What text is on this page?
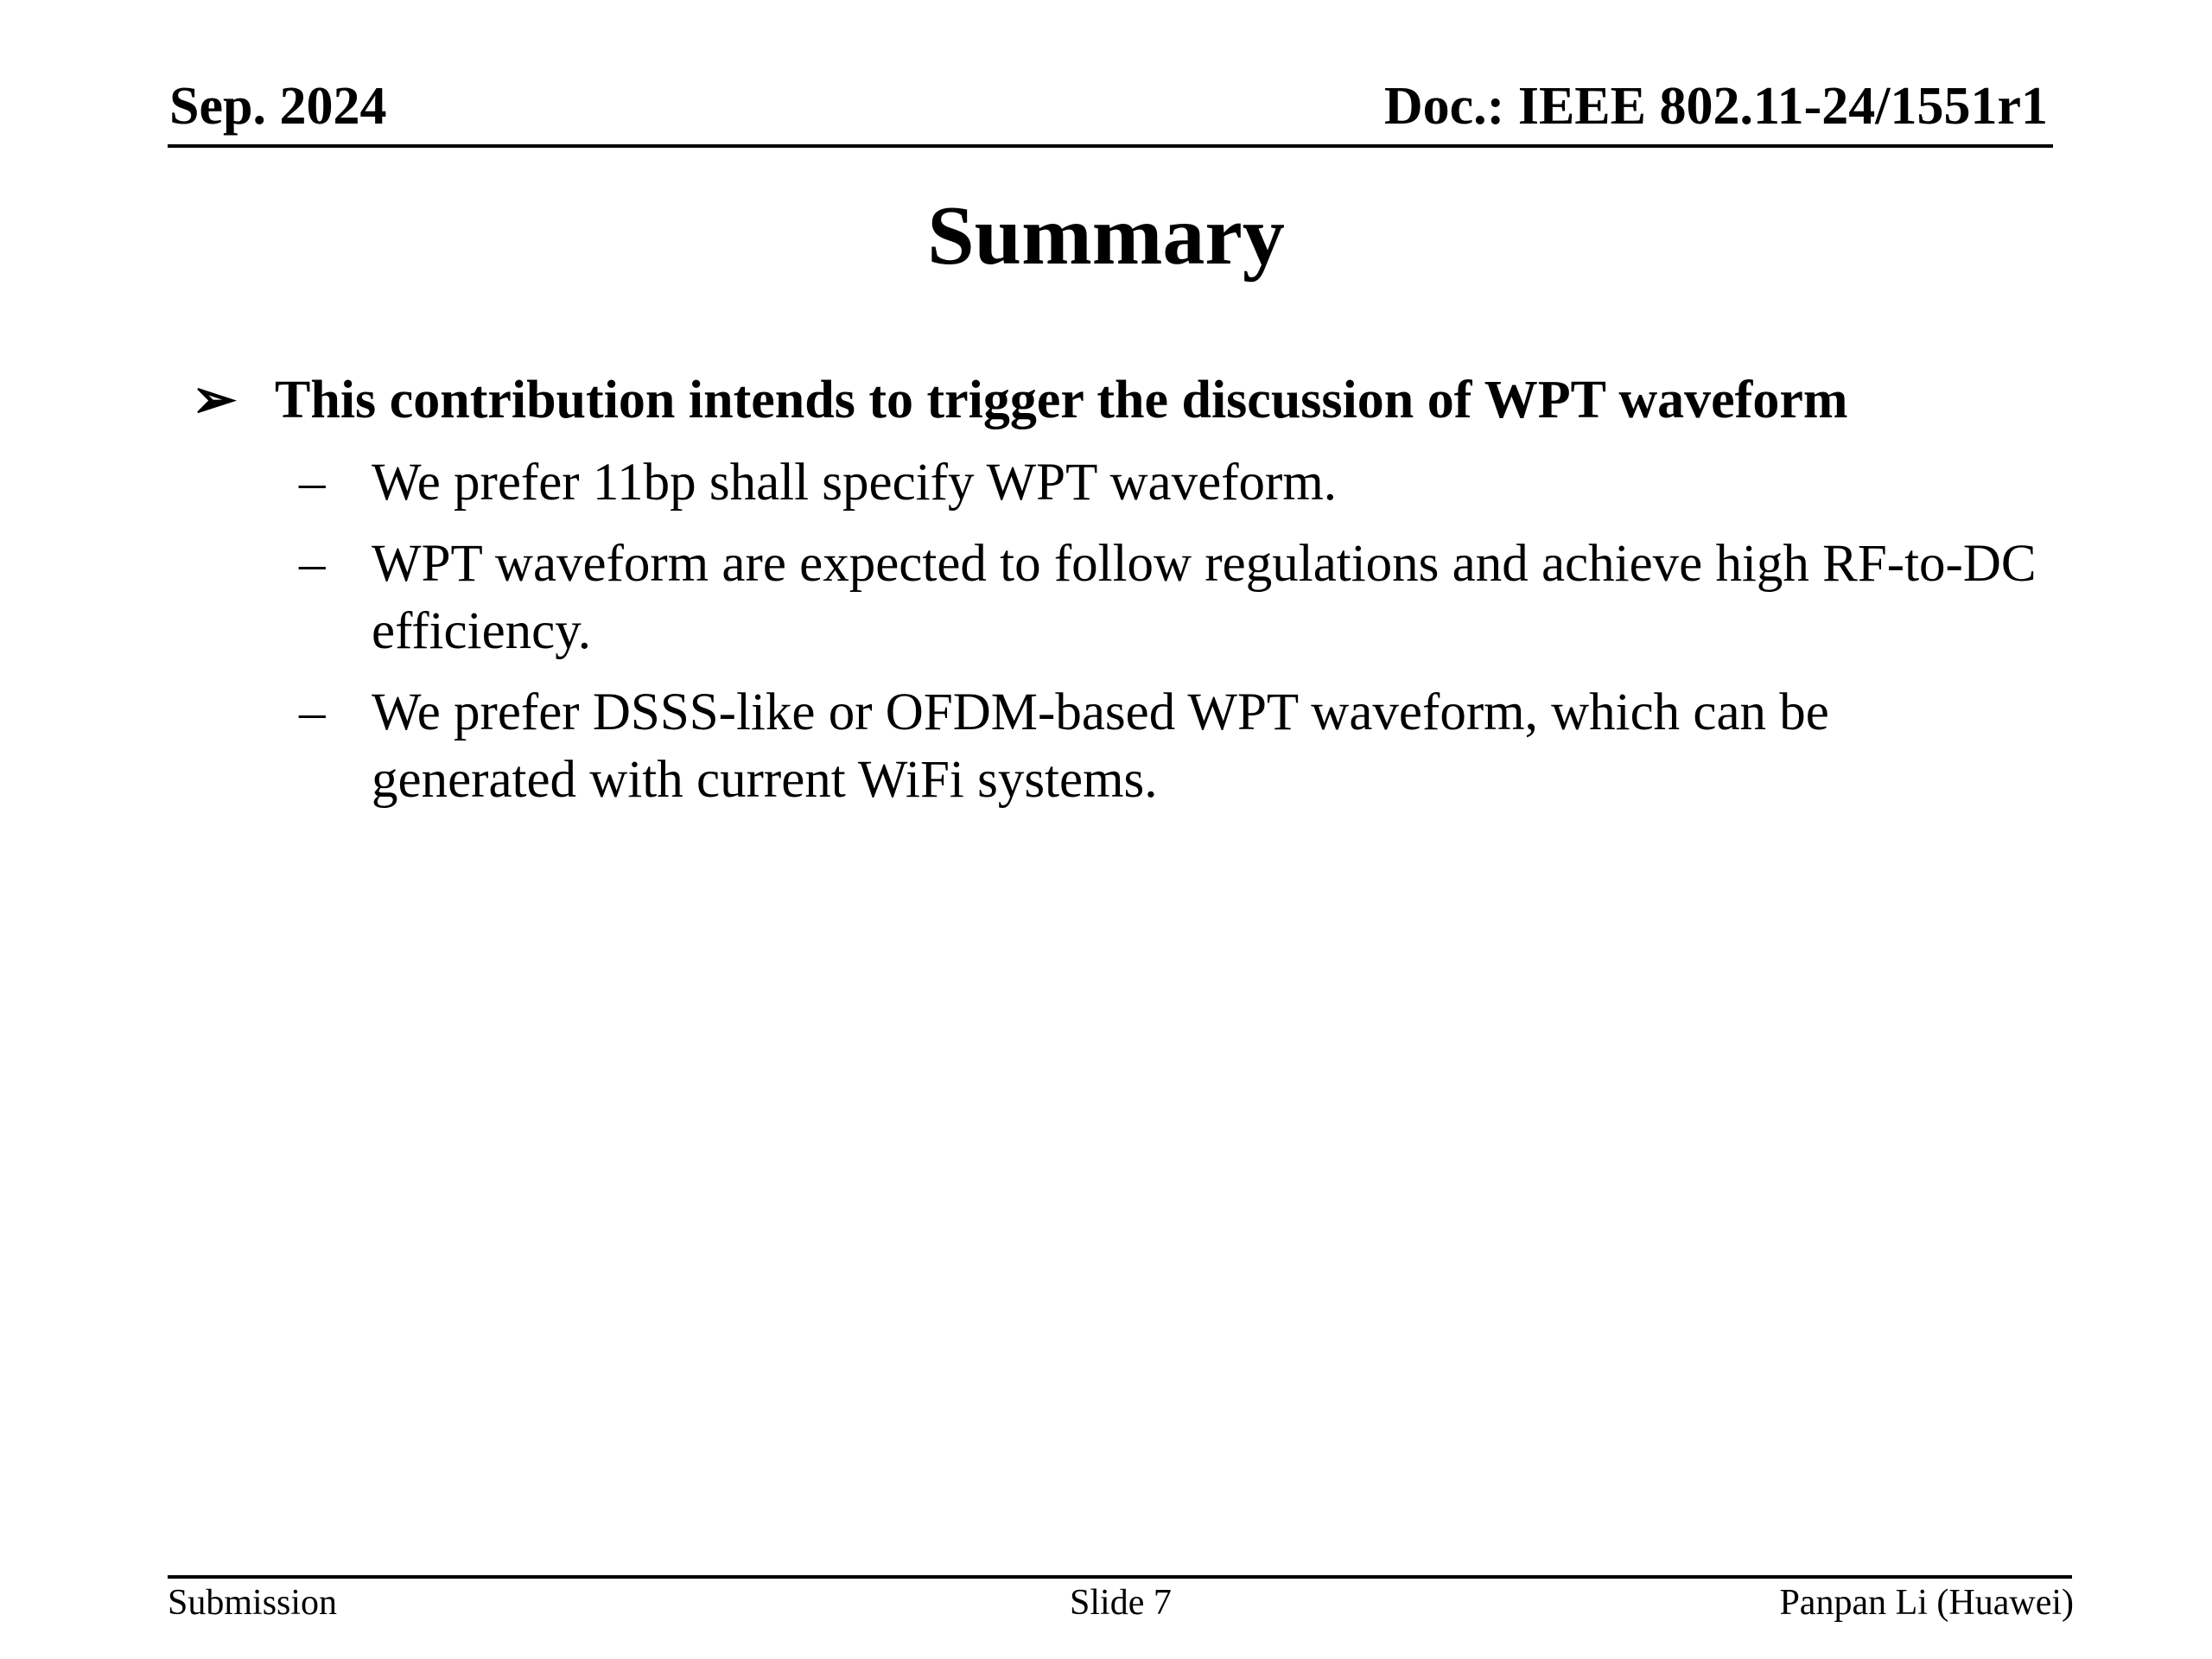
Sep. 2024	Doc.: IEEE 802.11-24/1551r1
Summary
➢ This contribution intends to trigger the discussion of WPT waveform
– We prefer 11bp shall specify WPT waveform.
– WPT waveform are expected to follow regulations and achieve high RF-to-DC efficiency.
– We prefer DSSS-like or OFDM-based WPT waveform, which can be generated with current WiFi systems.
Submission	Slide 7	Panpan Li (Huawei)
